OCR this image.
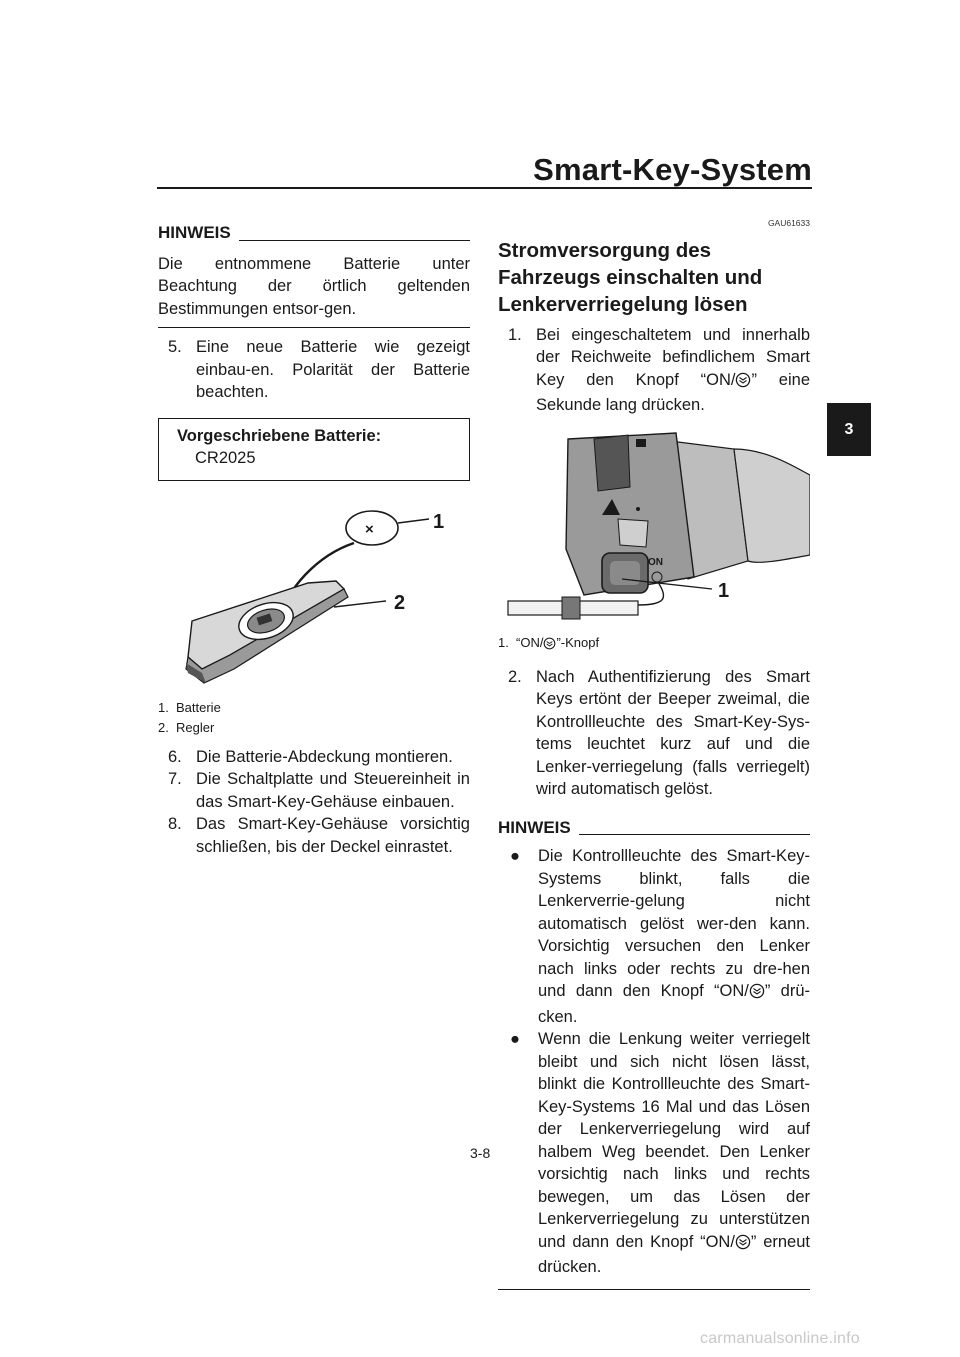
Smart-Key-System
3
HINWEIS

Die entnommene Batterie unter Beachtung der örtlich geltenden Bestimmungen entsor-gen.

5. Eine neue Batterie wie gezeigt einbau-en. Polarität der Batterie beachten.

Vorgeschriebene Batterie:
CR2025
×	1
2
1. Batterie
2. Regler

6. Die Batterie-Abdeckung montieren.

7. Die Schaltplatte und Steuereinheit in das Smart-Key-Gehäuse einbauen.

8. Das Smart-Key-Gehäuse vorsichtig schließen, bis der Deckel einrastet.

GAU61633
Stromversorgung des Fahrzeugs einschalten und Lenkerverriegelung lösen

1. Bei eingeschaltetem und innerhalb der Reichweite befindlichem Smart Key den Knopf “ON/ ” eine Sekunde lang drücken.

ON
1
1. “ON/ ”-Knopf

2. Nach Authentifizierung des Smart Keys ertönt der Beeper zweimal, die Kontrollleuchte des Smart-Key-Sys-tems leuchtet kurz auf und die Lenker-verriegelung (falls verriegelt) wird automatisch gelöst.

HINWEIS

● Die Kontrollleuchte des Smart-Key-Systems blinkt, falls die Lenkerverrie-gelung nicht automatisch gelöst wer-den kann. Vorsichtig versuchen den Lenker nach links oder rechts zu dre-hen und dann den Knopf “ON/ ” drü-cken.

● Wenn die Lenkung weiter verriegelt bleibt und sich nicht lösen lässt, blinkt die Kontrollleuchte des Smart-Key-Systems 16 Mal und das Lösen der Lenkerverriegelung wird auf halbem Weg beendet. Den Lenker vorsichtig nach links und rechts bewegen, um das Lösen der Lenkerverriegelung zu unterstützen und dann den Knopf “ON/ ” erneut drücken.

3-8
carmanualsonline.info
